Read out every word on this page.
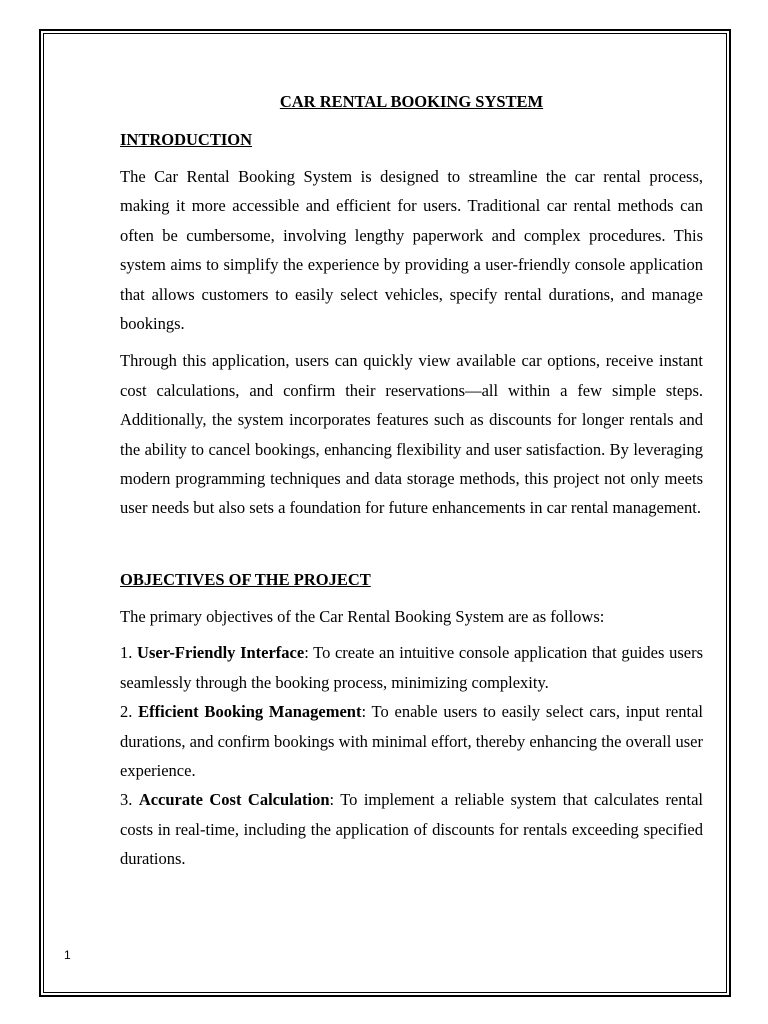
CAR RENTAL BOOKING SYSTEM
INTRODUCTION

The Car Rental Booking System is designed to streamline the car rental process, making it more accessible and efficient for users. Traditional car rental methods can often be cumbersome, involving lengthy paperwork and complex procedures. This system aims to simplify the experience by providing a user-friendly console application that allows customers to easily select vehicles, specify rental durations, and manage bookings.

Through this application, users can quickly view available car options, receive instant cost calculations, and confirm their reservations—all within a few simple steps. Additionally, the system incorporates features such as discounts for longer rentals and the ability to cancel bookings, enhancing flexibility and user satisfaction. By leveraging modern programming techniques and data storage methods, this project not only meets user needs but also sets a foundation for future enhancements in car rental management.

OBJECTIVES OF THE PROJECT

The primary objectives of the Car Rental Booking System are as follows:

1. User-Friendly Interface: To create an intuitive console application that guides users seamlessly through the booking process, minimizing complexity.

2. Efficient Booking Management: To enable users to easily select cars, input rental durations, and confirm bookings with minimal effort, thereby enhancing the overall user experience.

3. Accurate Cost Calculation: To implement a reliable system that calculates rental costs in real-time, including the application of discounts for rentals exceeding specified durations.

1
